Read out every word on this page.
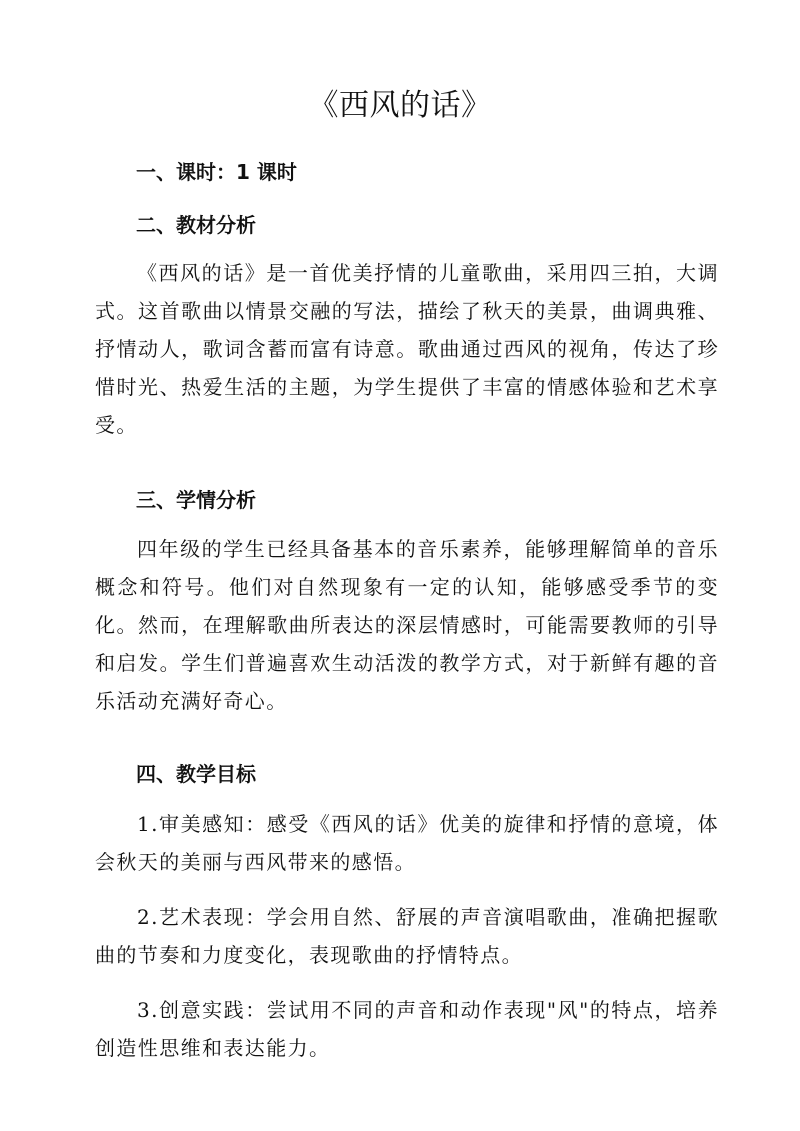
《西风的话》
一、课时：1 课时
二、教材分析
《西风的话》是一首优美抒情的儿童歌曲，采用四三拍，大调式。这首歌曲以情景交融的写法，描绘了秋天的美景，曲调典雅、抒情动人，歌词含蓄而富有诗意。歌曲通过西风的视角，传达了珍惜时光、热爱生活的主题，为学生提供了丰富的情感体验和艺术享受。
三、学情分析
四年级的学生已经具备基本的音乐素养，能够理解简单的音乐概念和符号。他们对自然现象有一定的认知，能够感受季节的变化。然而，在理解歌曲所表达的深层情感时，可能需要教师的引导和启发。学生们普遍喜欢生动活泼的教学方式，对于新鲜有趣的音乐活动充满好奇心。
四、教学目标
1.审美感知：感受《西风的话》优美的旋律和抒情的意境，体会秋天的美丽与西风带来的感悟。
2.艺术表现：学会用自然、舒展的声音演唱歌曲，准确把握歌曲的节奏和力度变化，表现歌曲的抒情特点。
3.创意实践：尝试用不同的声音和动作表现"风"的特点，培养创造性思维和表达能力。
